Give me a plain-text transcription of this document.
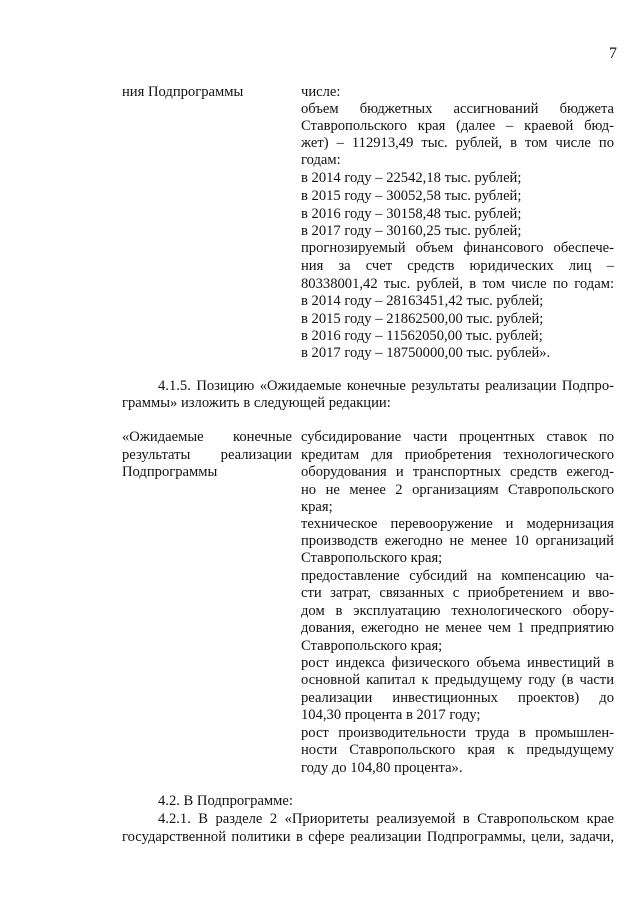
7
ния Подпрограммы	числе:
объем бюджетных ассигнований бюджета
Ставропольского края (далее – краевой бюд-
жет) – 112913,49 тыс. рублей, в том числе по
годам:
в 2014 году – 22542,18 тыс. рублей;
в 2015 году – 30052,58 тыс. рублей;
в 2016 году – 30158,48 тыс. рублей;
в 2017 году – 30160,25 тыс. рублей;
прогнозируемый объем финансового обеспече-
ния за счет средств юридических лиц –
80338001,42 тыс. рублей, в том числе по годам:
в 2014 году – 28163451,42 тыс. рублей;
в 2015 году – 21862500,00 тыс. рублей;
в 2016 году – 11562050,00 тыс. рублей;
в 2017 году – 18750000,00 тыс. рублей».
4.1.5. Позицию «Ожидаемые конечные результаты реализации Подпро-
граммы» изложить в следующей редакции:
«Ожидаемые конечные
результаты реализации
Подпрограммы
субсидирование части процентных ставок по
кредитам для приобретения технологического
оборудования и транспортных средств ежегод-
но не менее 2 организациям Ставропольского
края;
техническое перевооружение и модернизация
производств ежегодно не менее 10 организаций
Ставропольского края;
предоставление субсидий на компенсацию ча-
сти затрат, связанных с приобретением и вво-
дом в эксплуатацию технологического обору-
дования, ежегодно не менее чем 1 предприятию
Ставропольского края;
рост индекса физического объема инвестиций в
основной капитал к предыдущему году (в части
реализации инвестиционных проектов) до
104,30 процента в 2017 году;
рост производительности труда в промышлен-
ности Ставропольского края к предыдущему
году до 104,80 процента».
4.2. В Подпрограмме:
4.2.1. В разделе 2 «Приоритеты реализуемой в Ставропольском крае
государственной политики в сфере реализации Подпрограммы, цели, задачи,
